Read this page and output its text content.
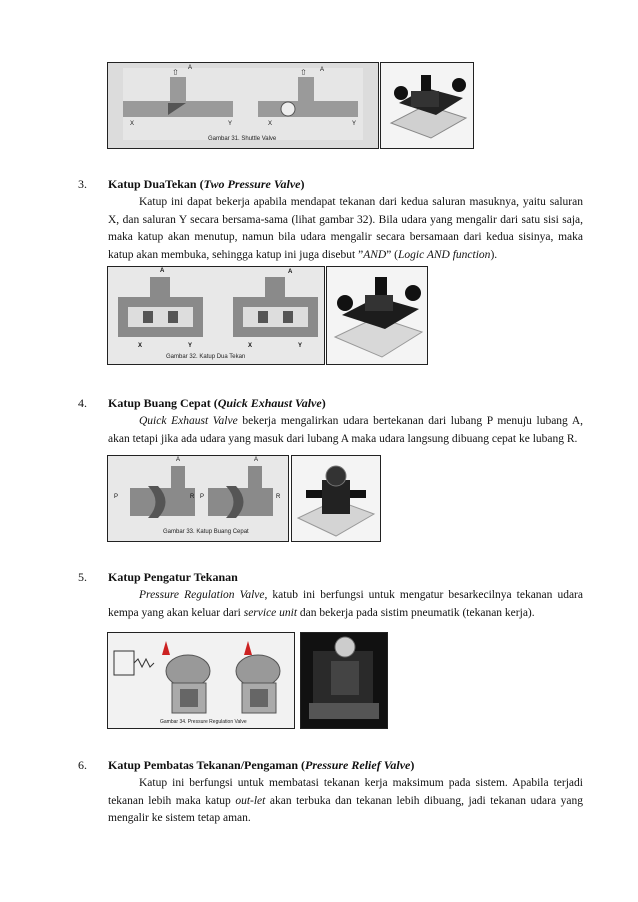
⇧	⇧
A	A
X	X
Y	Y
Gambar 31. Shuttle Valve
3. Katup DuaTekan (Two Pressure Valve)
Katup ini dapat bekerja apabila mendapat tekanan dari kedua saluran masuknya, yaitu saluran X, dan saluran Y secara bersama-sama (lihat gambar 32). Bila udara yang mengalir dari satu sisi saja, maka katup akan menutup, namun bila udara mengalir secara bersamaan dari kedua sisinya, maka katup akan membuka, sehingga katup ini juga disebut ”AND” (Logic AND function).
A	A
X	X
Y	Y
Gambar 32. Katup Dua Tekan
4. Katup Buang Cepat (Quick Exhaust Valve)
Quick Exhaust Valve bekerja mengalirkan udara bertekanan dari lubang P menuju lubang A, akan tetapi jika ada udara yang masuk dari lubang A maka udara langsung dibuang cepat ke lubang R.
A	A
P	P
R	R
Gambar 33. Katup Buang Cepat
5. Katup Pengatur Tekanan
Pressure Regulation Valve, katub ini berfungsi untuk mengatur besarkecilnya tekanan udara kempa yang akan keluar dari service unit dan bekerja pada sistim pneumatik (tekanan kerja).
Gambar 34. Pressure Regulation Valve
6. Katup Pembatas Tekanan/Pengaman (Pressure Relief Valve)
Katup ini berfungsi untuk membatasi tekanan kerja maksimum pada sistem. Apabila terjadi tekanan lebih maka katup out-let akan terbuka dan tekanan lebih dibuang, jadi tekanan udara yang mengalir ke sistem tetap aman.
